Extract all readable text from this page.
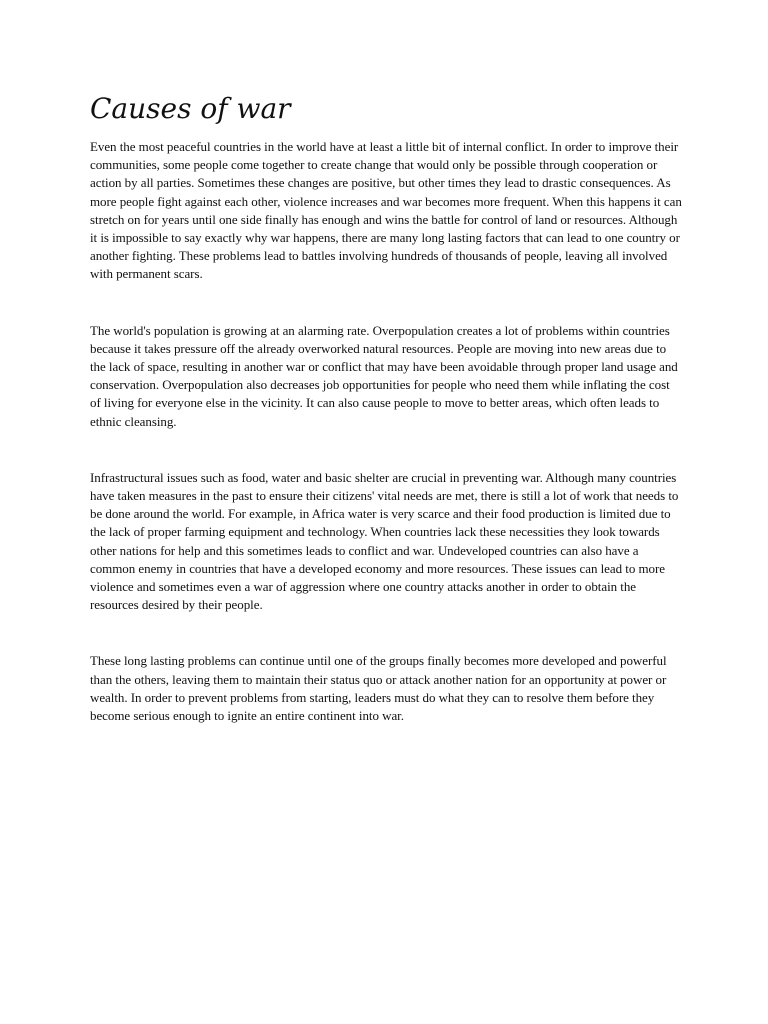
Causes of war

Even the most peaceful countries in the world have at least a little bit of internal conflict. In order to improve their communities, some people come together to create change that would only be possible through cooperation or action by all parties. Sometimes these changes are positive, but other times they lead to drastic consequences. As more people fight against each other, violence increases and war becomes more frequent. When this happens it can stretch on for years until one side finally has enough and wins the battle for control of land or resources. Although it is impossible to say exactly why war happens, there are many long lasting factors that can lead to one country or another fighting. These problems lead to battles involving hundreds of thousands of people, leaving all involved with permanent scars.

The world's population is growing at an alarming rate. Overpopulation creates a lot of problems within countries because it takes pressure off the already overworked natural resources. People are moving into new areas due to the lack of space, resulting in another war or conflict that may have been avoidable through proper land usage and conservation. Overpopulation also decreases job opportunities for people who need them while inflating the cost of living for everyone else in the vicinity. It can also cause people to move to better areas, which often leads to ethnic cleansing.

Infrastructural issues such as food, water and basic shelter are crucial in preventing war. Although many countries have taken measures in the past to ensure their citizens' vital needs are met, there is still a lot of work that needs to be done around the world. For example, in Africa water is very scarce and their food production is limited due to the lack of proper farming equipment and technology. When countries lack these necessities they look towards other nations for help and this sometimes leads to conflict and war. Undeveloped countries can also have a common enemy in countries that have a developed economy and more resources. These issues can lead to more violence and sometimes even a war of aggression where one country attacks another in order to obtain the resources desired by their people.

These long lasting problems can continue until one of the groups finally becomes more developed and powerful than the others, leaving them to maintain their status quo or attack another nation for an opportunity at power or wealth. In order to prevent problems from starting, leaders must do what they can to resolve them before they become serious enough to ignite an entire continent into war.
